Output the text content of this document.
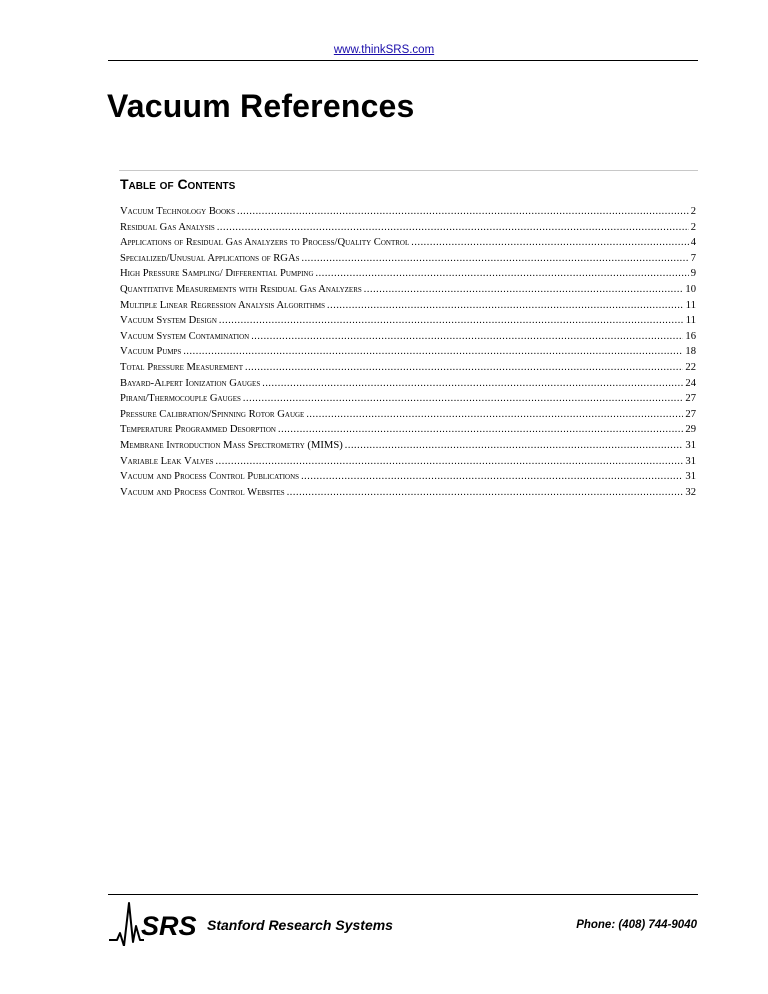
www.thinkSRS.com
Vacuum References
Table of Contents
Vacuum Technology Books .....	2
Residual Gas Analysis .....	2
Applications of Residual Gas Analyzers to Process/Quality Control .....	4
Specialized/Unusual Applications of RGAs .....	7
High Pressure Sampling/ Differential Pumping .....	9
Quantitative Measurements with Residual Gas Analyzers .....	10
Multiple Linear Regression Analysis Algorithms .....	11
Vacuum System Design .....	11
Vacuum System Contamination .....	16
Vacuum Pumps .....	18
Total Pressure Measurement .....	22
Bayard-Alpert Ionization Gauges .....	24
Pirani/Thermocouple Gauges .....	27
Pressure Calibration/Spinning Rotor Gauge .....	27
Temperature Programmed Desorption .....	29
Membrane Introduction Mass Spectrometry (MIMS) .....	31
Variable Leak Valves .....	31
Vacuum and Process Control Publications .....	31
Vacuum and Process Control Websites .....	32
SRS Stanford Research Systems	Phone: (408) 744-9040
